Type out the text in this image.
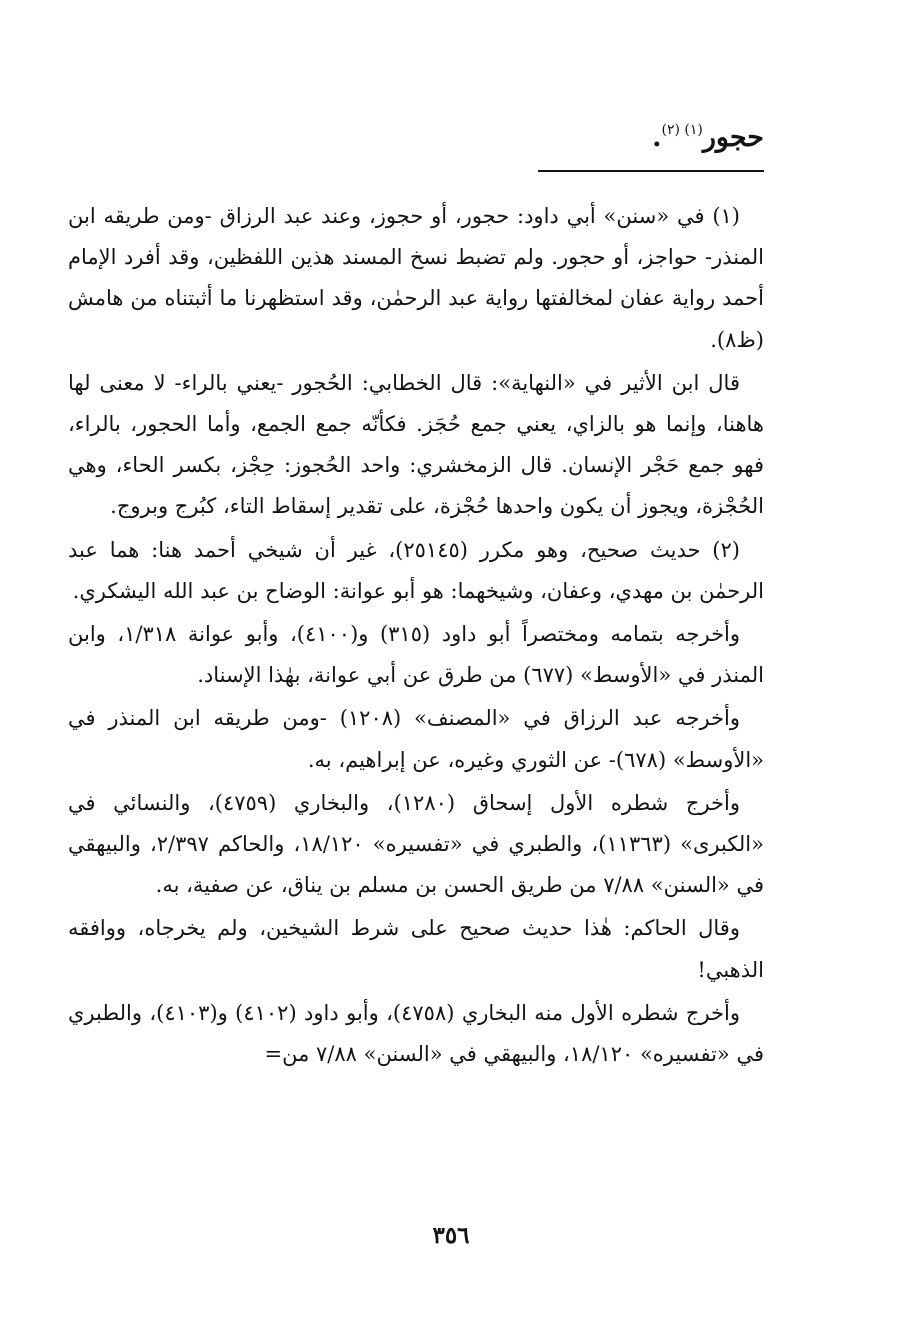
حجور$^{(١) (٢)}$.

(١) في «سنن» أبي داود: حجور، أو حجوز، وعند عبد الرزاق -ومن طريقه ابن المنذر- حواجز، أو حجور. ولم تضبط نسخ المسند هذين اللفظين، وقد أفرد الإمام أحمد رواية عفان لمخالفتها رواية عبد الرحمٰن، وقد استظهرنا ما أثبتناه من هامش (ظ٨).

قال ابن الأثير في «النهاية»: قال الخطابي: الحُجور -يعني بالراء- لا معنى لها هاهنا، وإنما هو بالزاي، يعني جمع حُجَز. فكأنّه جمع الجمع، وأما الحجور، بالراء، فهو جمع حَجْر الإنسان. قال الزمخشري: واحد الحُجوز: حِجْز، بكسر الحاء، وهي الحُجْزة، ويجوز أن يكون واحدها حُجْزة، على تقدير إسقاط التاء، كبُرج وبروج.

(٢) حديث صحيح، وهو مكرر (٢٥١٤٥)، غير أن شيخي أحمد هنا: هما عبد الرحمٰن بن مهدي، وعفان، وشيخهما: هو أبو عوانة: الوضاح بن عبد الله اليشكري.

وأخرجه بتمامه ومختصراً أبو داود (٣١٥) و(٤١٠٠)، وأبو عوانة ١/٣١٨، وابن المنذر في «الأوسط» (٦٧٧) من طرق عن أبي عوانة، بهٰذا الإسناد.

وأخرجه عبد الرزاق في «المصنف» (١٢٠٨) -ومن طريقه ابن المنذر في «الأوسط» (٦٧٨)- عن الثوري وغيره، عن إبراهيم، به.

وأخرج شطره الأول إسحاق (١٢٨٠)، والبخاري (٤٧٥٩)، والنسائي في «الكبرى» (١١٣٦٣)، والطبري في «تفسيره» ١٨/١٢٠، والحاكم ٢/٣٩٧، والبيهقي في «السنن» ٧/٨٨ من طريق الحسن بن مسلم بن يناق، عن صفية، به.

وقال الحاكم: هٰذا حديث صحيح على شرط الشيخين، ولم يخرجاه، ووافقه الذهبي!

وأخرج شطره الأول منه البخاري (٤٧٥٨)، وأبو داود (٤١٠٢) و(٤١٠٣)، والطبري في «تفسيره» ١٨/١٢٠، والبيهقي في «السنن» ٧/٨٨ من=

٣٥٦
